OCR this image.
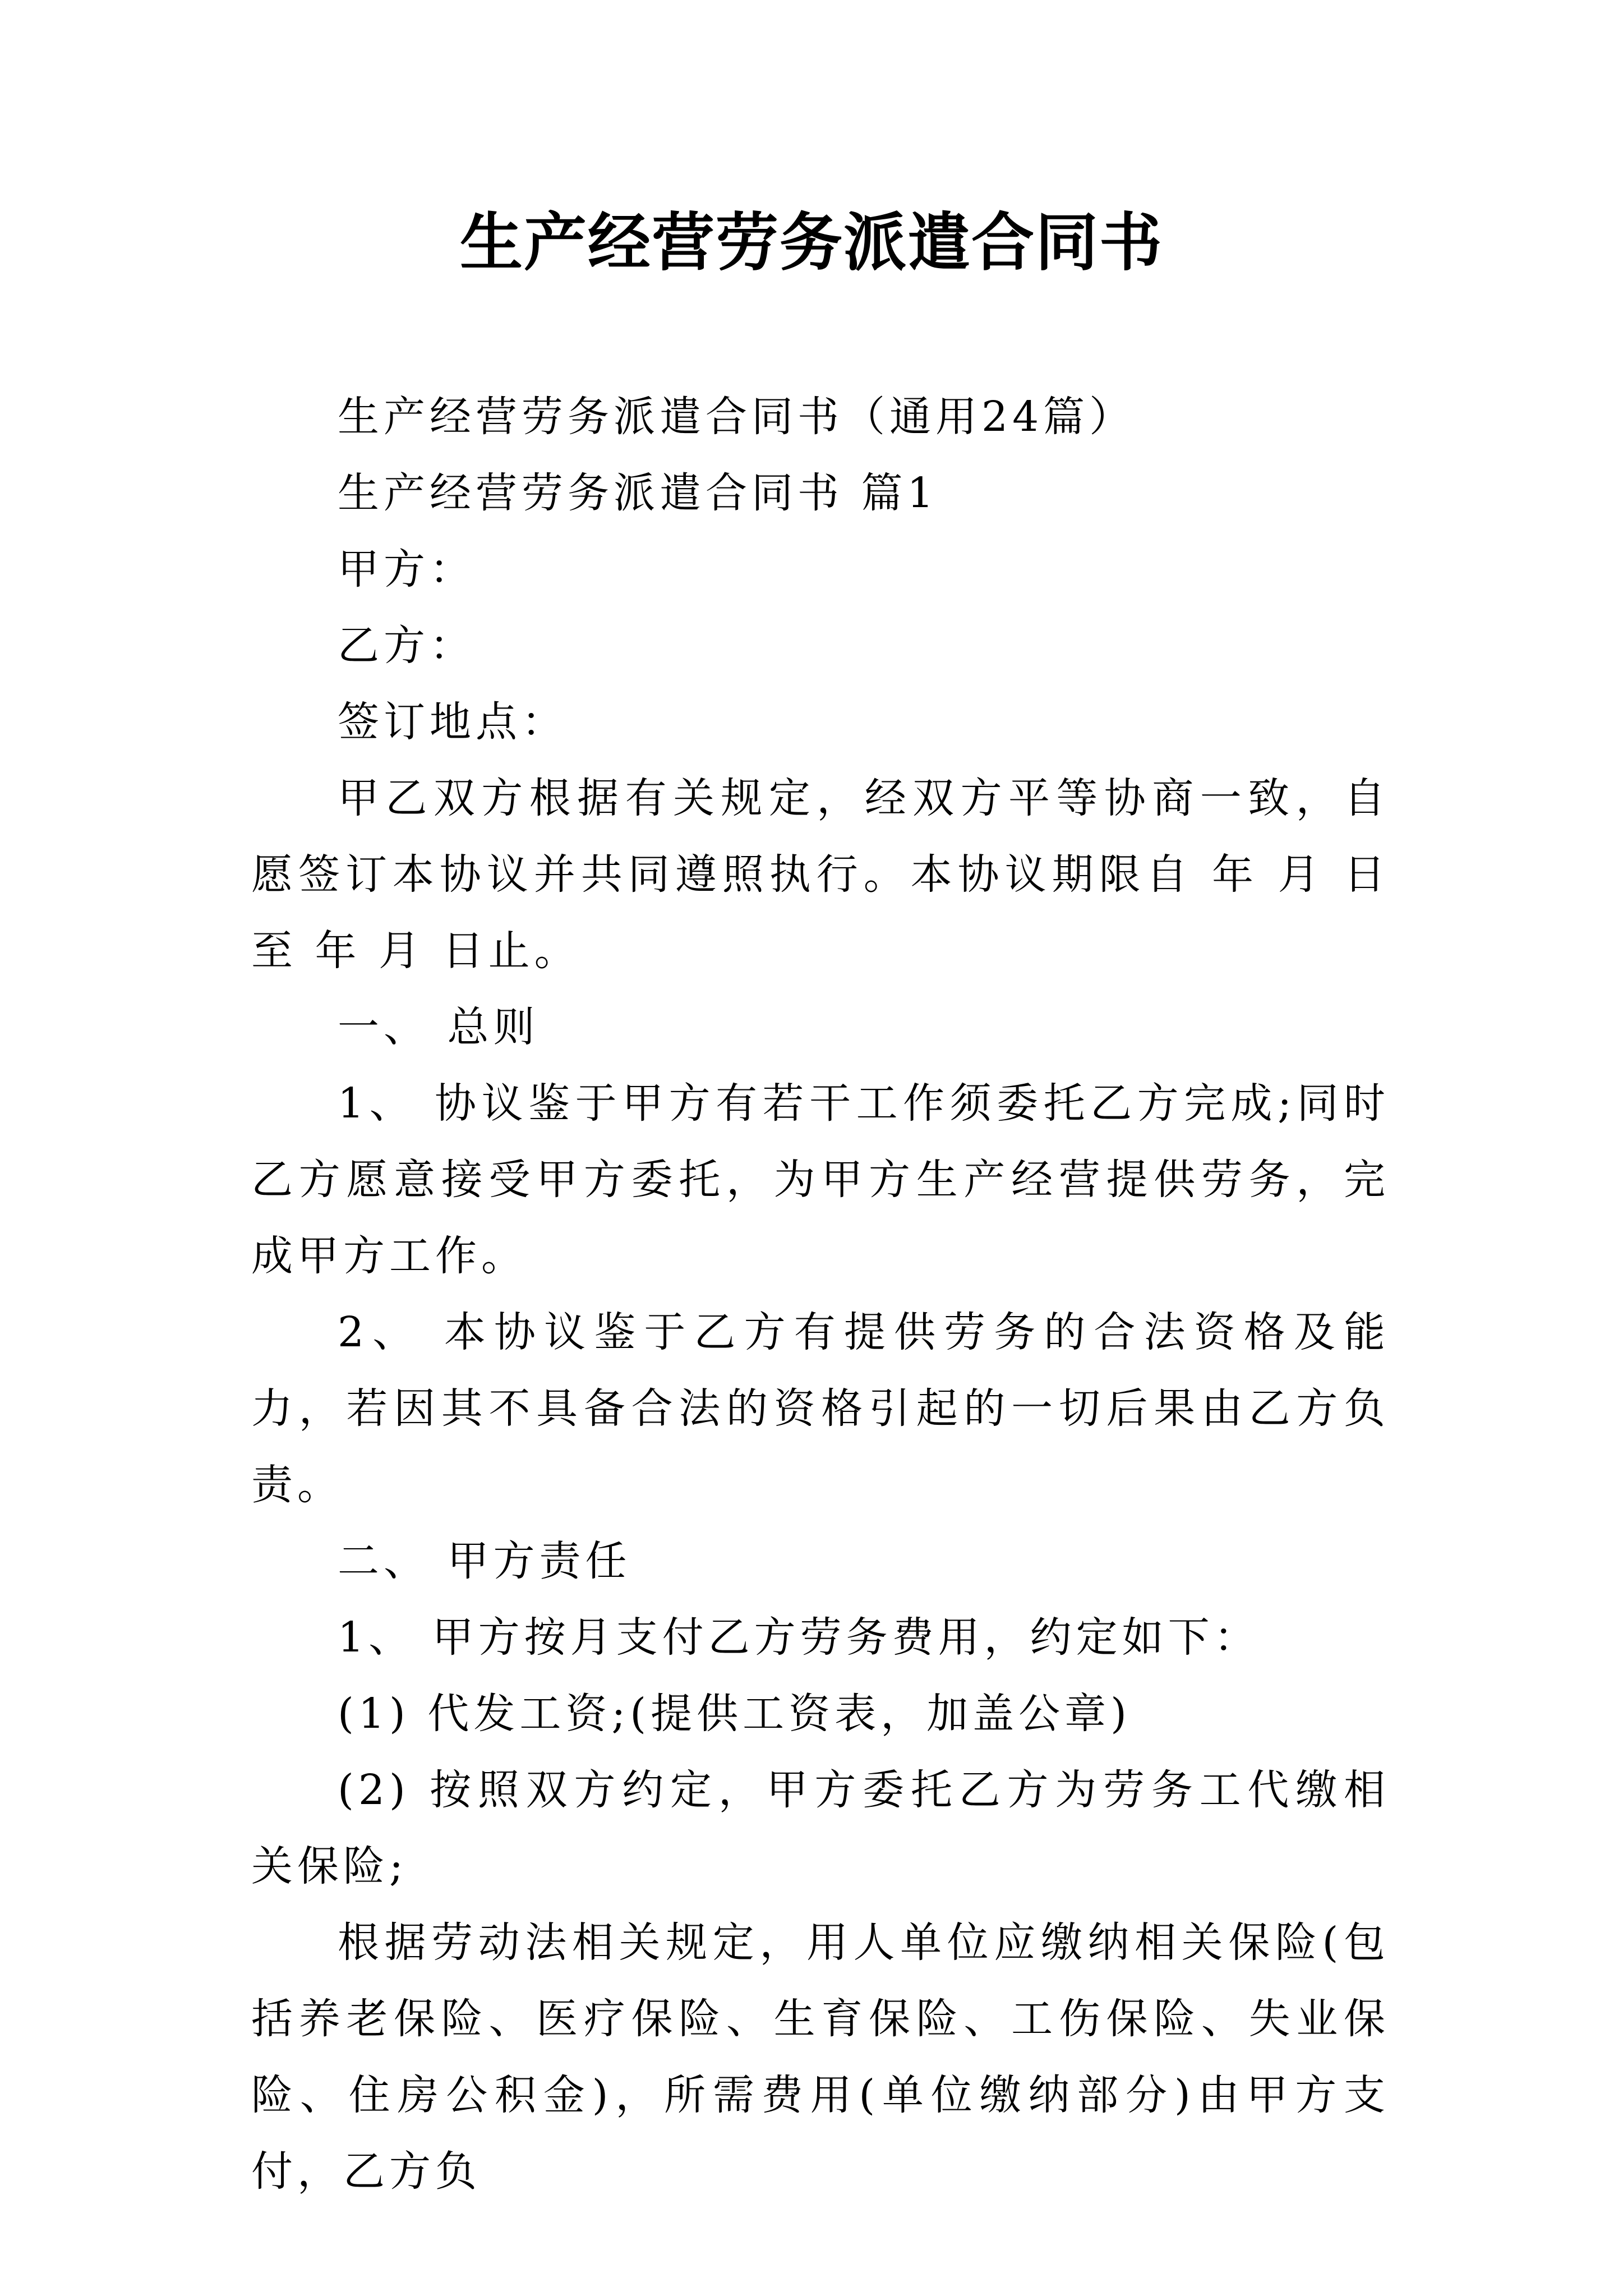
生产经营劳务派遣合同书

生产经营劳务派遣合同书（通用24篇）

生产经营劳务派遣合同书 篇1

甲方：

乙方：

签订地点：

甲乙双方根据有关规定，经双方平等协商一致，自愿签订本协议并共同遵照执行。本协议期限自 年 月 日至 年 月 日止。

一、 总则

1、 协议鉴于甲方有若干工作须委托乙方完成;同时乙方愿意接受甲方委托，为甲方生产经营提供劳务，完成甲方工作。

2、 本协议鉴于乙方有提供劳务的合法资格及能力，若因其不具备合法的资格引起的一切后果由乙方负责。

二、 甲方责任

1、 甲方按月支付乙方劳务费用，约定如下：

(1) 代发工资;(提供工资表，加盖公章)

(2) 按照双方约定，甲方委托乙方为劳务工代缴相关保险;

根据劳动法相关规定，用人单位应缴纳相关保险(包括养老保险、医疗保险、生育保险、工伤保险、失业保险、住房公积金)，所需费用(单位缴纳部分)由甲方支付，乙方负
